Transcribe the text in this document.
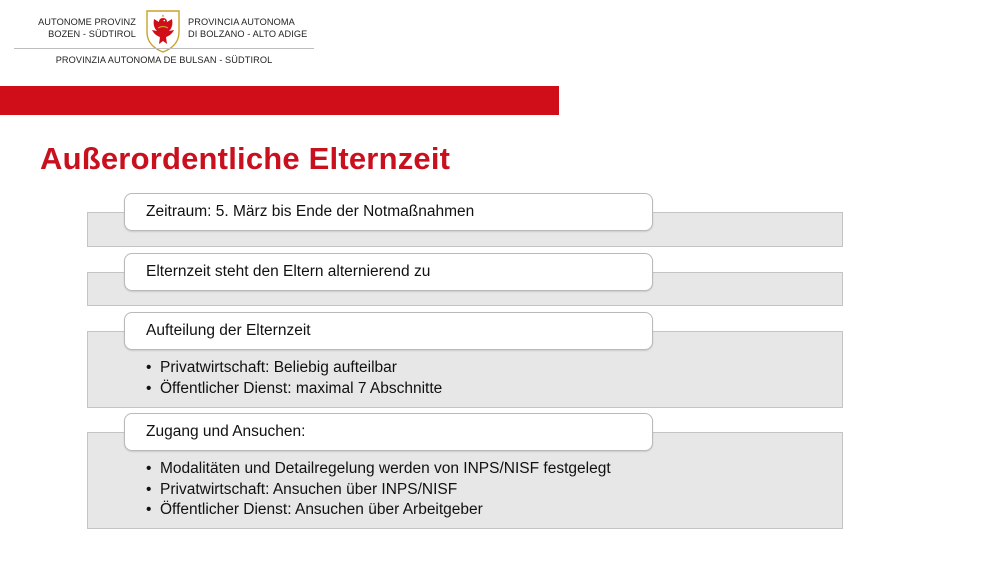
AUTONOME PROVINZ
BOZEN - SÜDTIROL
PROVINCIA AUTONOMA
DI BOLZANO - ALTO ADIGE
PROVINZIA AUTONOMA DE BULSAN - SÜDTIROL
Außerordentliche Elternzeit
Zeitraum: 5. März bis Ende der Notmaßnahmen
Elternzeit steht den Eltern alternierend zu
Aufteilung der Elternzeit
• Privatwirtschaft: Beliebig aufteilbar
• Öffentlicher Dienst: maximal 7 Abschnitte
Zugang und Ansuchen:
• Modalitäten und Detailregelung werden von INPS/NISF festgelegt
• Privatwirtschaft: Ansuchen über INPS/NISF
• Öffentlicher Dienst: Ansuchen über Arbeitgeber
